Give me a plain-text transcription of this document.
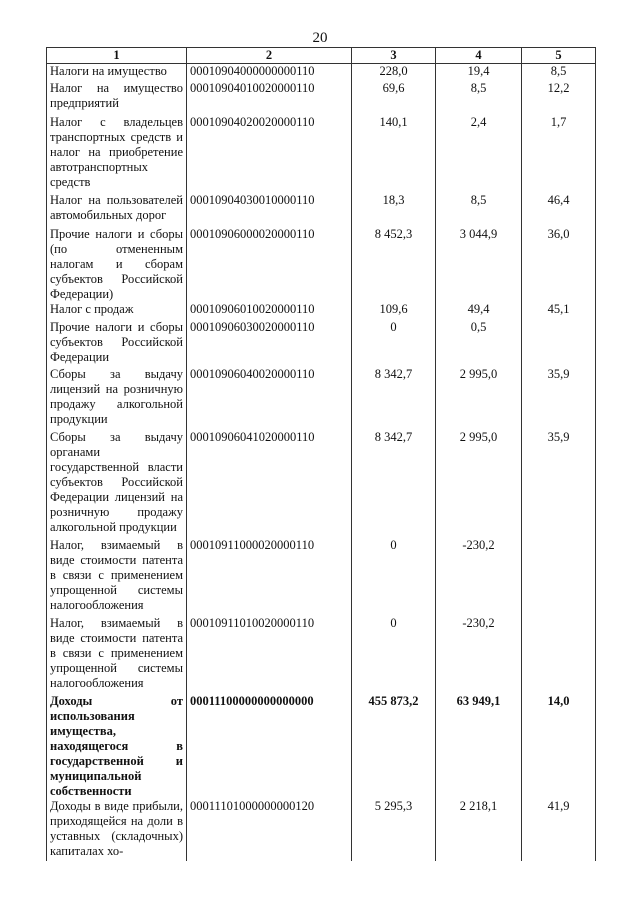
20
1	2	3	4	5
Налоги на имущество	00010904000000000110	228,0	19,4	8,5
Налог на имущество предприятий	00010904010020000110	69,6	8,5	12,2
Налог с владельцев транспортных средств и налог на приобретение автотранспортных средств	00010904020020000110	140,1	2,4	1,7
Налог на пользователей автомобильных дорог	00010904030010000110	18,3	8,5	46,4
Прочие налоги и сборы (по отмененным налогам и сборам субъектов Российской Федерации)	00010906000020000110	8 452,3	3 044,9	36,0
Налог с продаж	00010906010020000110	109,6	49,4	45,1
Прочие налоги и сборы субъектов Российской Федерации	00010906030020000110	0	0,5	
Сборы за выдачу лицензий на розничную продажу алкогольной продукции	00010906040020000110	8 342,7	2 995,0	35,9
Сборы за выдачу органами государственной власти субъектов Российской Федерации лицензий на розничную продажу алкогольной продукции	00010906041020000110	8 342,7	2 995,0	35,9
Налог, взимаемый в виде стоимости патента в связи с применением упрощенной системы налогообложения	00010911000020000110	0	-230,2	
Налог, взимаемый в виде стоимости патента в связи с применением упрощенной системы налогообложения	00010911010020000110	0	-230,2	
Доходы от использования имущества, находящегося в государственной и муниципальной собственности	00011100000000000000	455 873,2	63 949,1	14,0
Доходы в виде прибыли, приходящейся на доли в уставных (складочных) капиталах хо-	00011101000000000120	5 295,3	2 218,1	41,9
